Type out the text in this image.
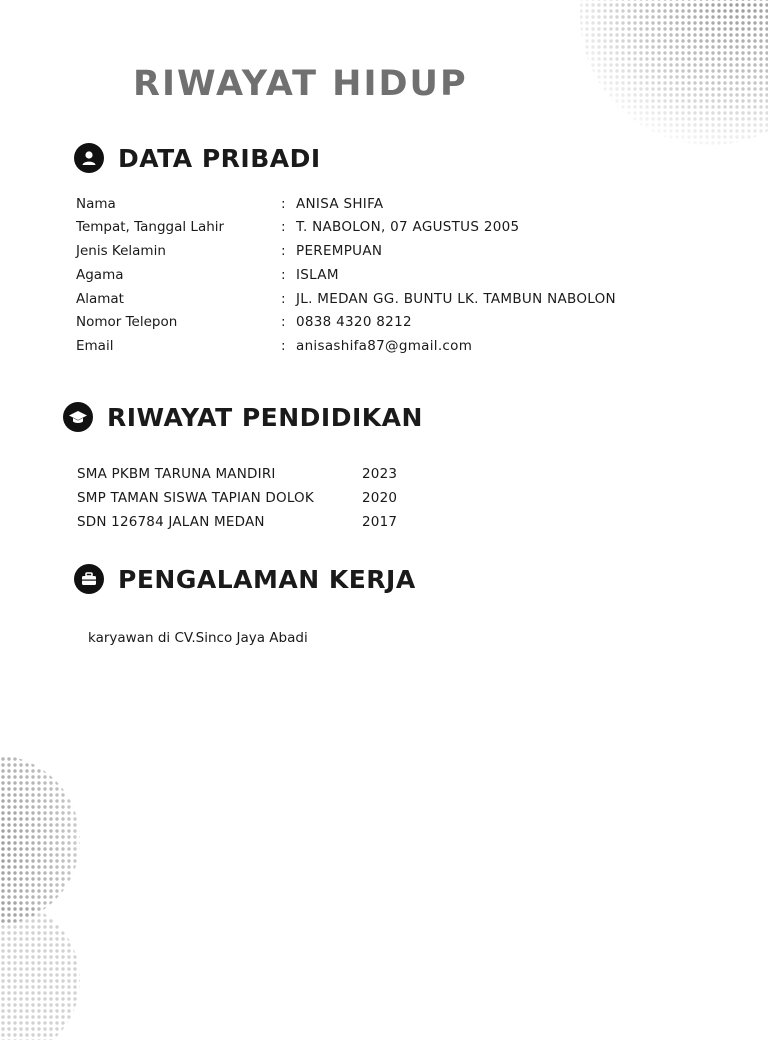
RIWAYAT HIDUP
DATA PRIBADI
Nama	: ANISA SHIFA
Tempat, Tanggal Lahir	: T. NABOLON, 07 AGUSTUS 2005
Jenis Kelamin	: PEREMPUAN
Agama	: ISLAM
Alamat	: JL. MEDAN GG. BUNTU LK. TAMBUN NABOLON
Nomor Telepon	: 0838 4320 8212
Email	: anisashifa87@gmail.com
RIWAYAT PENDIDIKAN
SMA PKBM TARUNA MANDIRI	2023
SMP TAMAN SISWA TAPIAN DOLOK	2020
SDN 126784 JALAN MEDAN	2017
PENGALAMAN KERJA
karyawan di CV.Sinco Jaya Abadi
